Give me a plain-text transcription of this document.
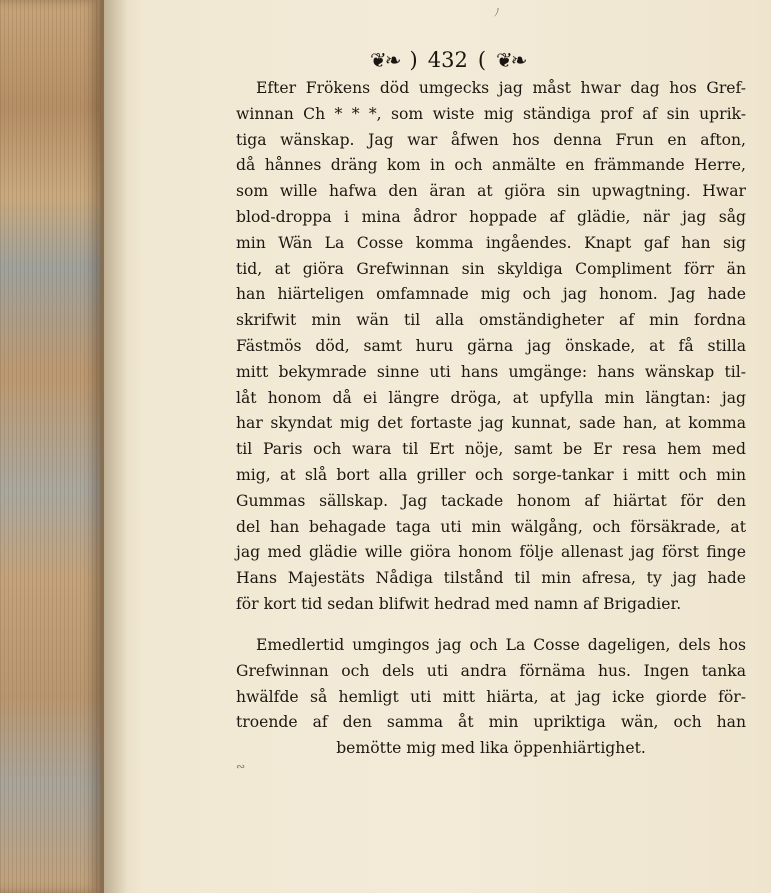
❦❧ ) 432 ( ❦❧
Efter Frökens död umgecks jag måst hwar dag hos Gref-
winnan Ch * * *, som wiste mig ständiga prof af sin uprik-
tiga wänskap. Jag war åfwen hos denna Frun en afton,
då hånnes dräng kom in och anmälte en främmande Herre,
som wille hafwa den äran at giöra sin upwagtning. Hwar
blod-droppa i mina ådror hoppade af glädie, när jag såg
min Wän La Cosse komma ingåendes. Knapt gaf han sig
tid, at giöra Grefwinnan sin skyldiga Compliment förr än
han hiärteligen omfamnade mig och jag honom. Jag hade
skrifwit min wän til alla omständigheter af min fordna
Fästmös död, samt huru gärna jag önskade, at få stilla
mitt bekymrade sinne uti hans umgänge: hans wänskap til-
låt honom då ei längre dröga, at upfylla min längtan: jag
har skyndat mig det fortaste jag kunnat, sade han, at komma
til Paris och wara til Ert nöje, samt be Er resa hem med
mig, at slå bort alla griller och sorge-tankar i mitt och min
Gummas sällskap. Jag tackade honom af hiärtat för den
del han behagade taga uti min wälgång, och försäkrade, at
jag med glädie wille giöra honom följe allenast jag först finge
Hans Majestäts Nådiga tilstånd til min afresa, ty jag hade
för kort tid sedan blifwit hedrad med namn af Brigadier.
Emedlertid umgingos jag och La Cosse dageligen, dels hos
Grefwinnan och dels uti andra förnäma hus. Ingen tanka
hwälfde så hemligt uti mitt hiärta, at jag icke giorde för-
troende af den samma åt min upriktiga wän, och han
bemötte mig med lika öppenhiärtighet.
ﾉ
∾
